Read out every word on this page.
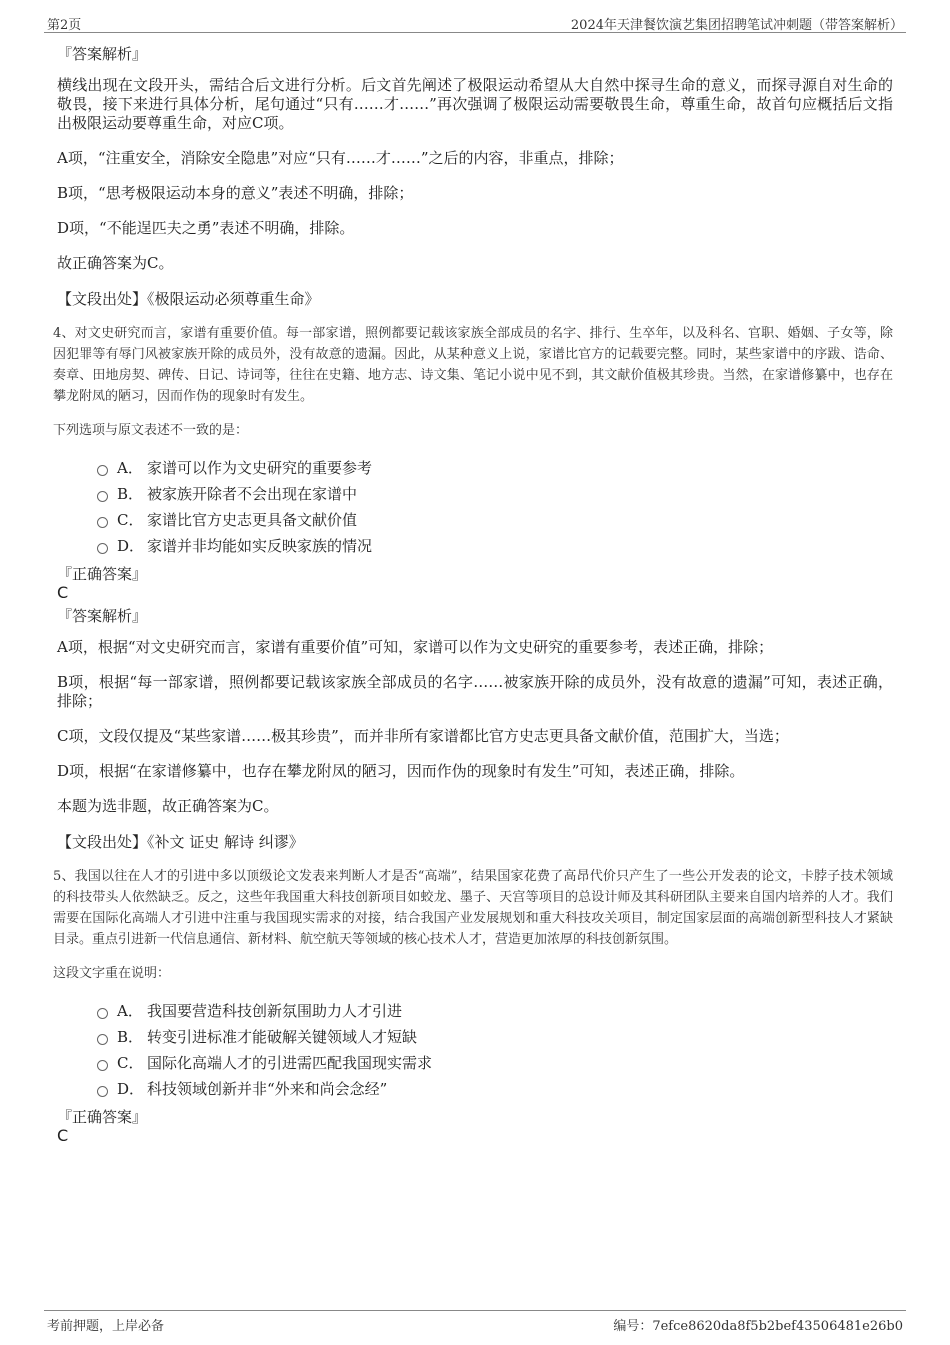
第2页	2024年天津餐饮演艺集团招聘笔试冲刺题（带答案解析）

『答案解析』

横线出现在文段开头，需结合后文进行分析。后文首先阐述了极限运动希望从大自然中探寻生命的意义，而探寻源自对生命的敬畏，接下来进行具体分析，尾句通过“只有……才……”再次强调了极限运动需要敬畏生命，尊重生命，故首句应概括后文指出极限运动要尊重生命，对应C项。

A项，“注重安全，消除安全隐患”对应“只有……才……”之后的内容，非重点，排除；

B项，“思考极限运动本身的意义”表述不明确，排除；

D项，“不能逞匹夫之勇”表述不明确，排除。

故正确答案为C。

【文段出处】《极限运动必须尊重生命》

4、对文史研究而言，家谱有重要价值。每一部家谱，照例都要记载该家族全部成员的名字、排行、生卒年，以及科名、官职、婚姻、子女等，除因犯罪等有辱门风被家族开除的成员外，没有故意的遗漏。因此，从某种意义上说，家谱比官方的记载要完整。同时，某些家谱中的序跋、诰命、奏章、田地房契、碑传、日记、诗词等，往往在史籍、地方志、诗文集、笔记小说中见不到，其文献价值极其珍贵。当然，在家谱修纂中，也存在攀龙附凤的陋习，因而作伪的现象时有发生。

下列选项与原文表述不一致的是：

A． 家谱可以作为文史研究的重要参考
B． 被家族开除者不会出现在家谱中
C． 家谱比官方史志更具备文献价值
D． 家谱并非均能如实反映家族的情况

『正确答案』

C

『答案解析』

A项，根据“对文史研究而言，家谱有重要价值”可知，家谱可以作为文史研究的重要参考，表述正确，排除；

B项，根据“每一部家谱，照例都要记载该家族全部成员的名字……被家族开除的成员外，没有故意的遗漏”可知，表述正确，排除；

C项，文段仅提及“某些家谱……极其珍贵”，而并非所有家谱都比官方史志更具备文献价值，范围扩大，当选；

D项，根据“在家谱修纂中，也存在攀龙附凤的陋习，因而作伪的现象时有发生”可知，表述正确，排除。

本题为选非题，故正确答案为C。

【文段出处】《补文 证史 解诗 纠谬》

5、我国以往在人才的引进中多以顶级论文发表来判断人才是否“高端”，结果国家花费了高昂代价只产生了一些公开发表的论文，卡脖子技术领域的科技带头人依然缺乏。反之，这些年我国重大科技创新项目如蛟龙、墨子、天宫等项目的总设计师及其科研团队主要来自国内培养的人才。我们需要在国际化高端人才引进中注重与我国现实需求的对接，结合我国产业发展规划和重大科技攻关项目，制定国家层面的高端创新型科技人才紧缺目录。重点引进新一代信息通信、新材料、航空航天等领域的核心技术人才，营造更加浓厚的科技创新氛围。

这段文字重在说明：

A． 我国要营造科技创新氛围助力人才引进
B． 转变引进标准才能破解关键领域人才短缺
C． 国际化高端人才的引进需匹配我国现实需求
D． 科技领域创新并非“外来和尚会念经”

『正确答案』

C

考前押题，上岸必备	编号：7efce8620da8f5b2bef43506481e26b0
